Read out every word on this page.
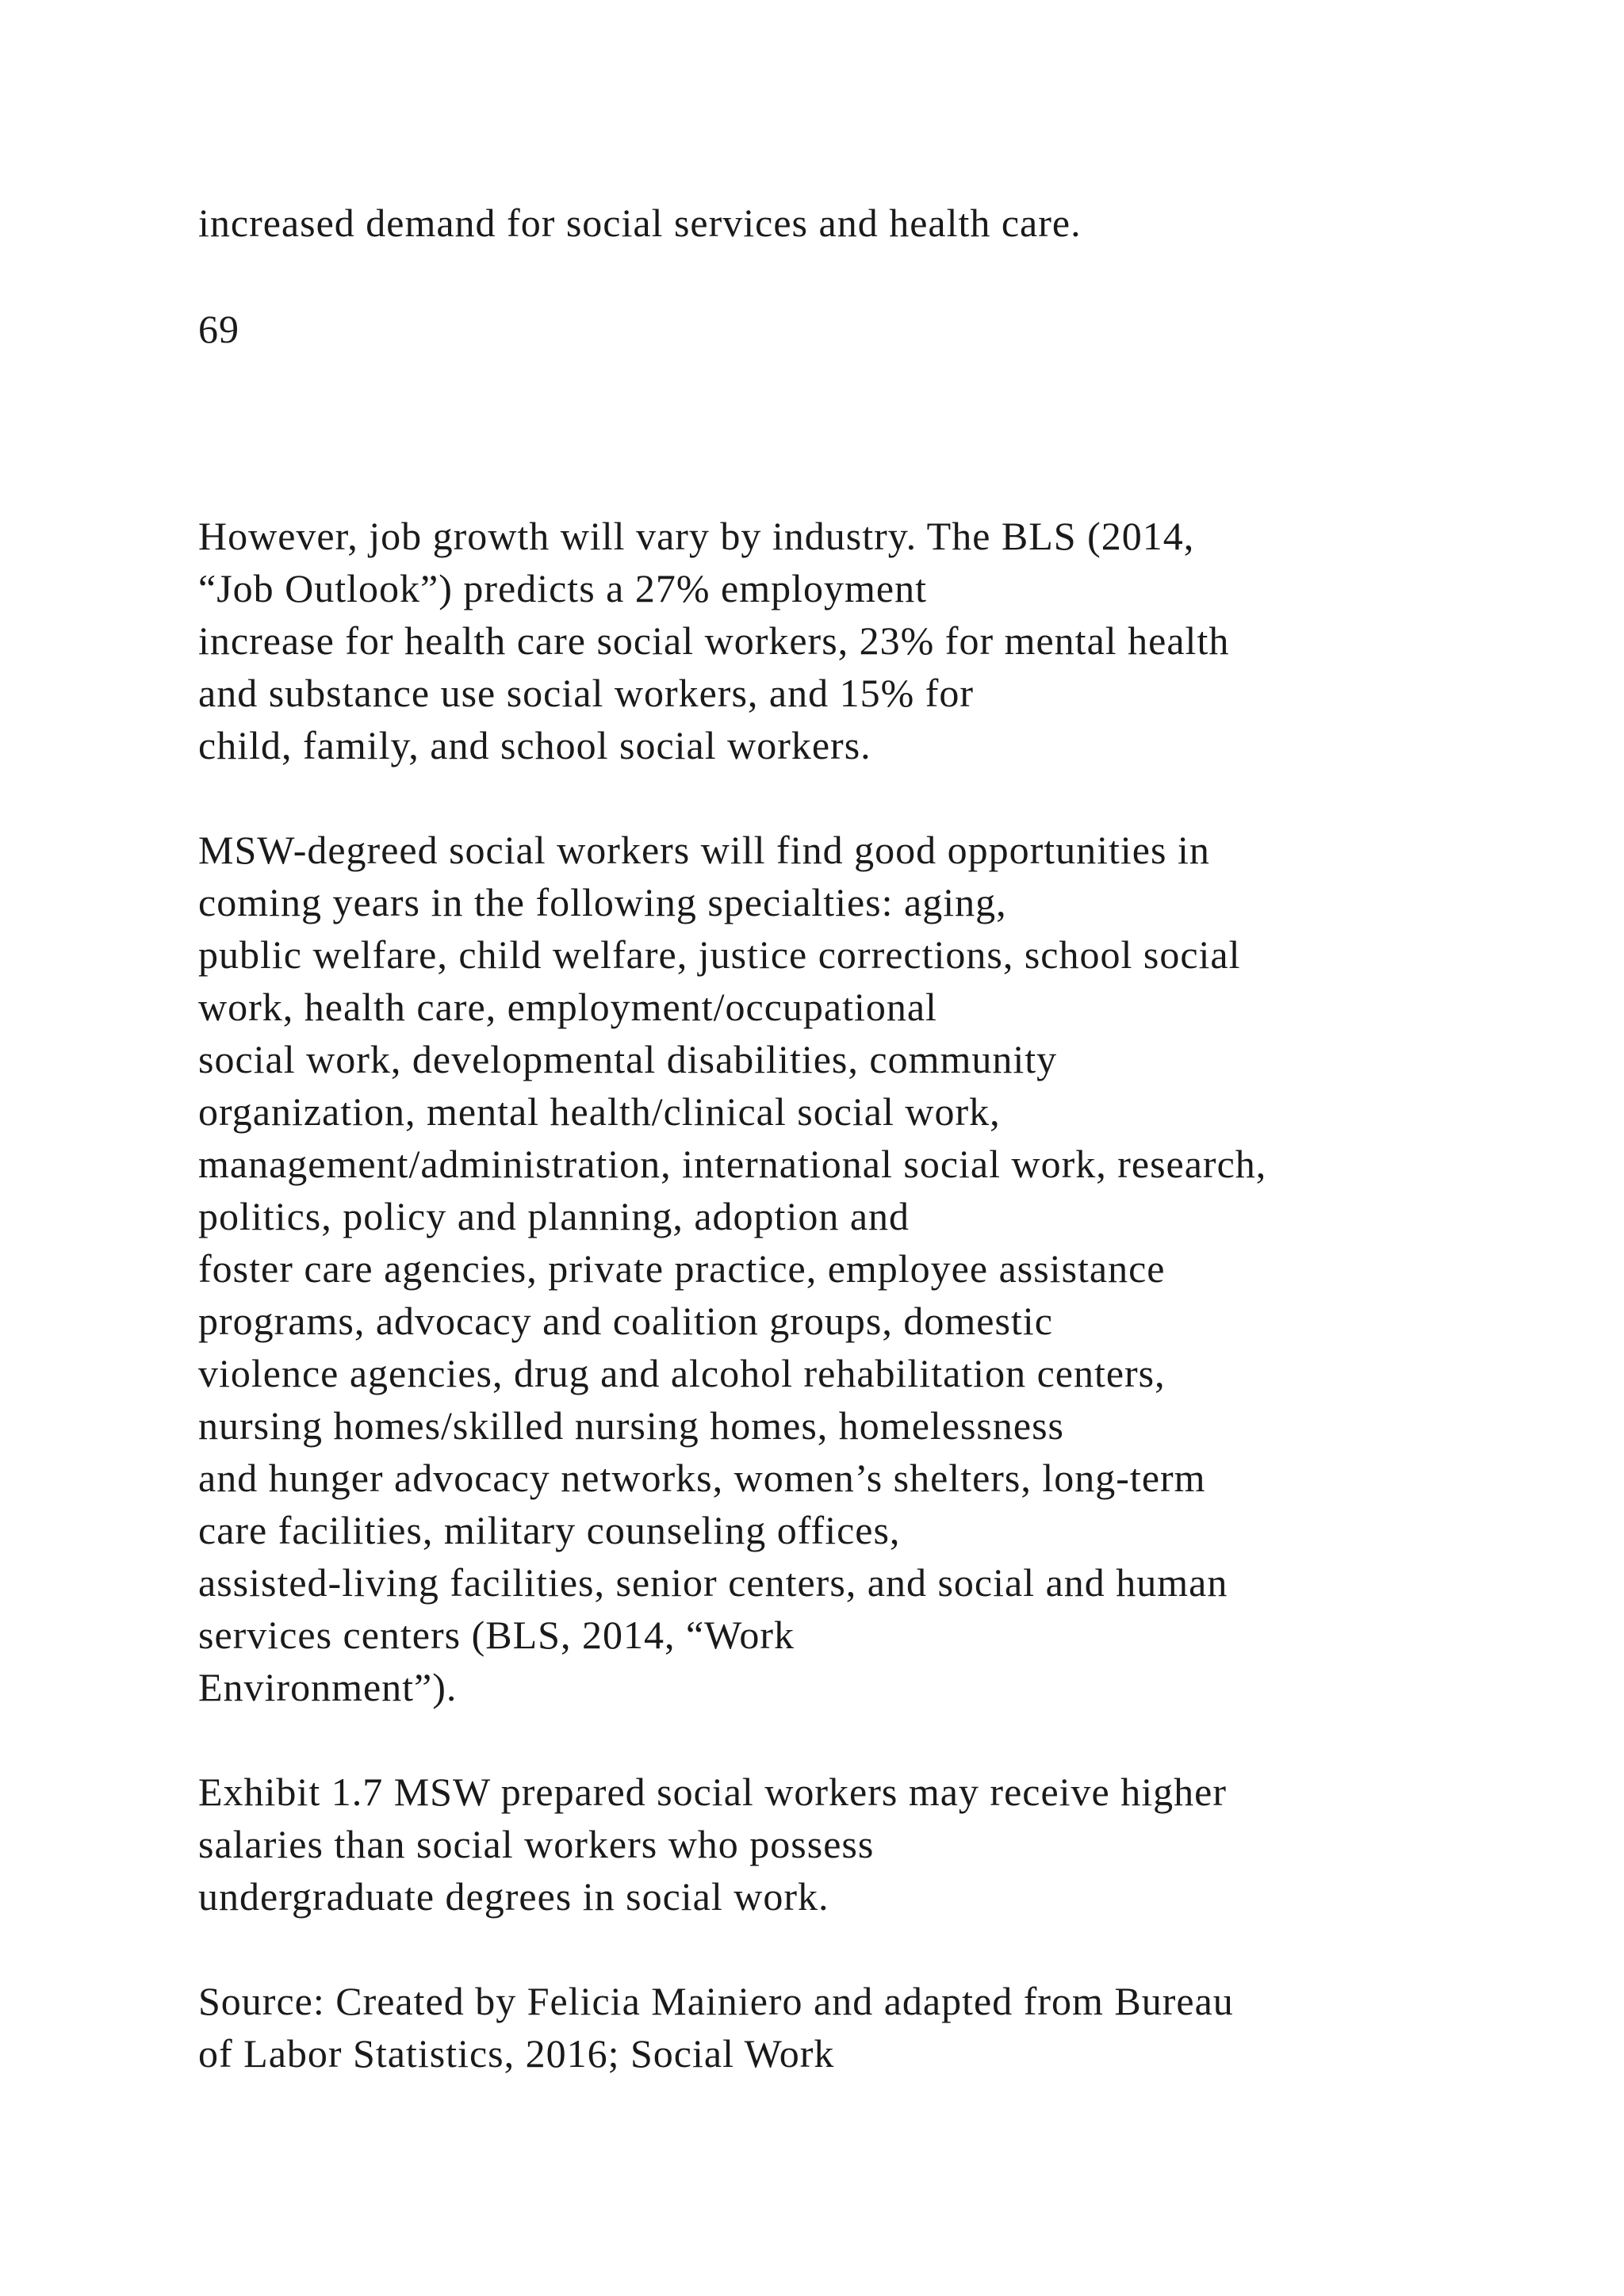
increased demand for social services and health care.
69
However, job growth will vary by industry. The BLS (2014,
“Job Outlook”) predicts a 27% employment
increase for health care social workers, 23% for mental health
and substance use social workers, and 15% for
child, family, and school social workers.
MSW-degreed social workers will find good opportunities in
coming years in the following specialties: aging,
public welfare, child welfare, justice corrections, school social
work, health care, employment/occupational
social work, developmental disabilities, community
organization, mental health/clinical social work,
management/administration, international social work, research,
politics, policy and planning, adoption and
foster care agencies, private practice, employee assistance
programs, advocacy and coalition groups, domestic
violence agencies, drug and alcohol rehabilitation centers,
nursing homes/skilled nursing homes, homelessness
and hunger advocacy networks, women’s shelters, long-term
care facilities, military counseling offices,
assisted-living facilities, senior centers, and social and human
services centers (BLS, 2014, “Work
Environment”).
Exhibit 1.7 MSW prepared social workers may receive higher
salaries than social workers who possess
undergraduate degrees in social work.
Source: Created by Felicia Mainiero and adapted from Bureau
of Labor Statistics, 2016; Social Work
